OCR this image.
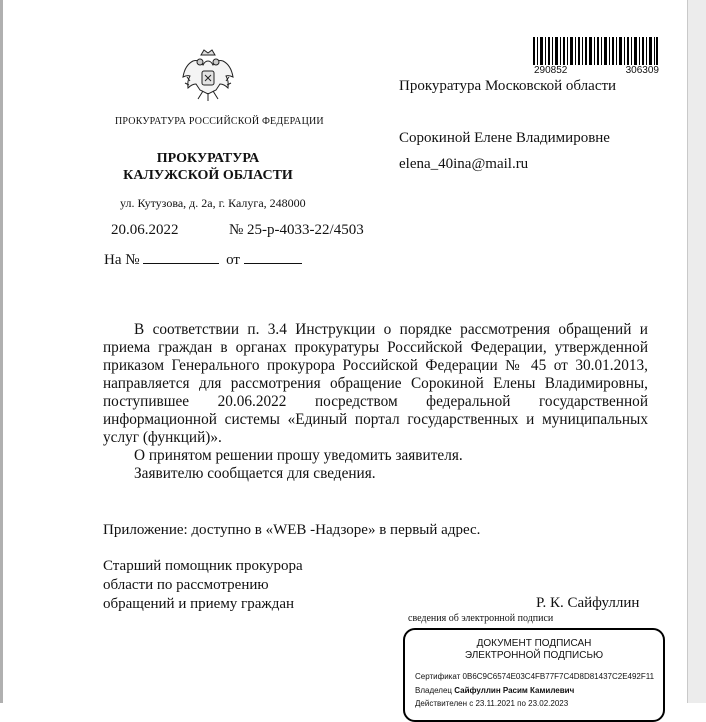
ПРОКУРАТУРА РОССИЙСКОЙ ФЕДЕРАЦИИ
ПРОКУРАТУРА
КАЛУЖСКОЙ ОБЛАСТИ
ул. Кутузова, д. 2а, г. Калуга, 248000
20.06.2022	№ 25-р-4033-22/4503
На №	от
290852	306309
Прокуратура Московской области
Сорокиной Елене Владимировне
elena_40ina@mail.ru

В соответствии п. 3.4 Инструкции о порядке рассмотрения обращений и приема граждан в органах прокуратуры Российской Федерации, утвержденной приказом Генерального прокурора Российской Федерации № 45 от 30.01.2013, направляется для рассмотрения обращение Сорокиной Елены Владимировны, поступившее 20.06.2022 посредством федеральной государственной информационной системы «Единый портал государственных и муниципальных услуг (функций)».

О принятом решении прошу уведомить заявителя.

Заявителю сообщается для сведения.

Приложение: доступно в «WEB -Надзоре» в первый адрес.
Старший помощник прокурора
области по рассмотрению
обращений и приему граждан	Р. К. Сайфуллин
сведения об электронной подписи
ДОКУМЕНТ ПОДПИСАН
ЭЛЕКТРОННОЙ ПОДПИСЬЮ
Сертификат 0B6C9C6574E03C4FB77F7C4D8D81437C2E492F11
Владелец Сайфуллин Расим Камилевич
Действителен с 23.11.2021 по 23.02.2023
